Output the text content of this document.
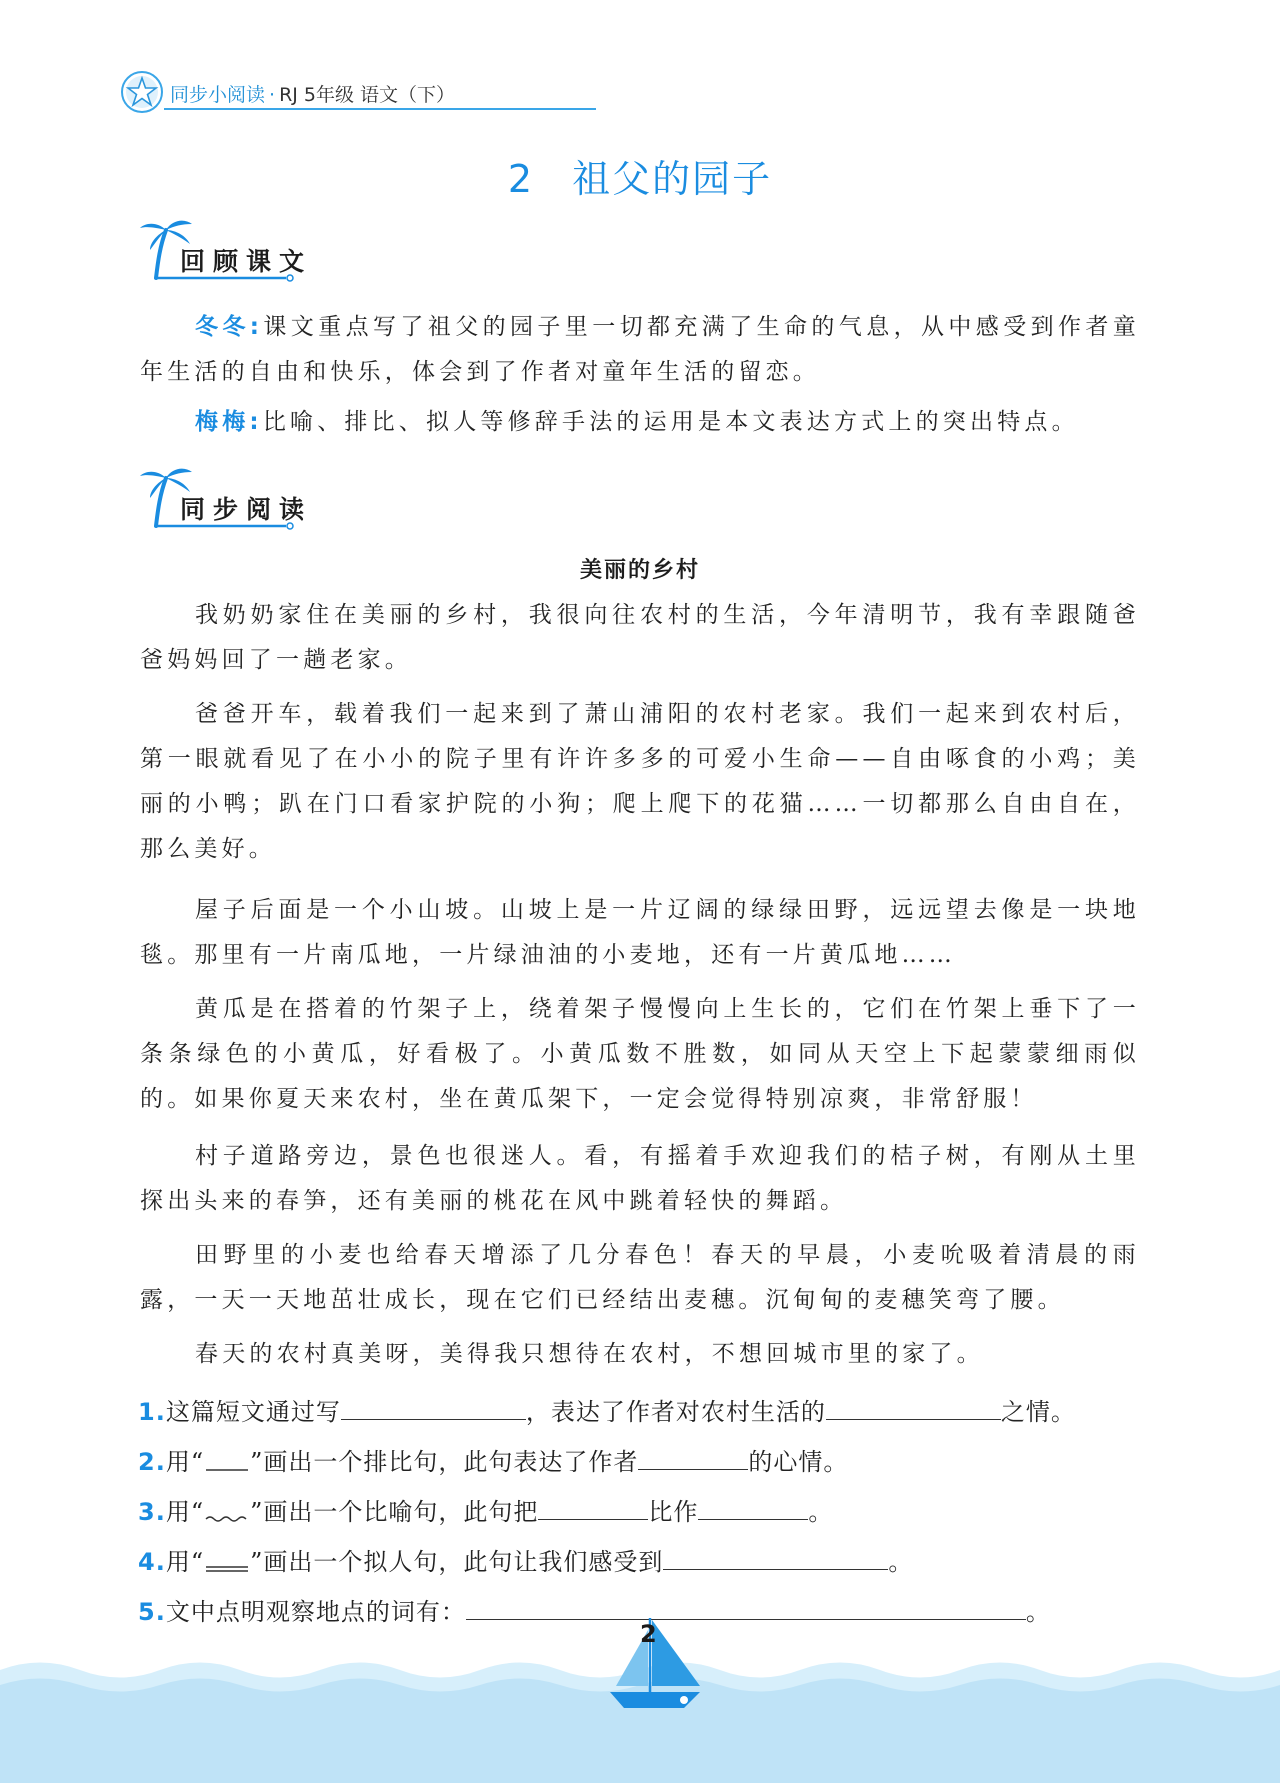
同步小阅读 · RJ 5年级 语文（下）
2 祖父的园子
回顾课文
冬冬:课文重点写了祖父的园子里一切都充满了生命的气息，从中感受到作者童年生活的自由和快乐，体会到了作者对童年生活的留恋。
梅梅:比喻、排比、拟人等修辞手法的运用是本文表达方式上的突出特点。
同步阅读
美丽的乡村
我奶奶家住在美丽的乡村，我很向往农村的生活，今年清明节，我有幸跟随爸爸妈妈回了一趟老家。
爸爸开车，载着我们一起来到了萧山浦阳的农村老家。我们一起来到农村后，第一眼就看见了在小小的院子里有许许多多的可爱小生命——自由啄食的小鸡；美丽的小鸭；趴在门口看家护院的小狗；爬上爬下的花猫……一切都那么自由自在，那么美好。
屋子后面是一个小山坡。山坡上是一片辽阔的绿绿田野，远远望去像是一块地毯。那里有一片南瓜地，一片绿油油的小麦地，还有一片黄瓜地……
黄瓜是在搭着的竹架子上，绕着架子慢慢向上生长的，它们在竹架上垂下了一条条绿色的小黄瓜，好看极了。小黄瓜数不胜数，如同从天空上下起蒙蒙细雨似的。如果你夏天来农村，坐在黄瓜架下，一定会觉得特别凉爽，非常舒服！
村子道路旁边，景色也很迷人。看，有摇着手欢迎我们的桔子树，有刚从土里探出头来的春笋，还有美丽的桃花在风中跳着轻快的舞蹈。
田野里的小麦也给春天增添了几分春色！春天的早晨，小麦吮吸着清晨的雨露，一天一天地茁壮成长，现在它们已经结出麦穗。沉甸甸的麦穗笑弯了腰。
春天的农村真美呀，美得我只想待在农村，不想回城市里的家了。
1.这篇短文通过写	，表达了作者对农村生活的	之情。
2.用“ ”画出一个排比句，此句表达了作者	的心情。
3.用“ ”画出一个比喻句，此句把	比作	。
4.用“ ”画出一个拟人句，此句让我们感受到	。
5.文中点明观察地点的词有：	。
2
